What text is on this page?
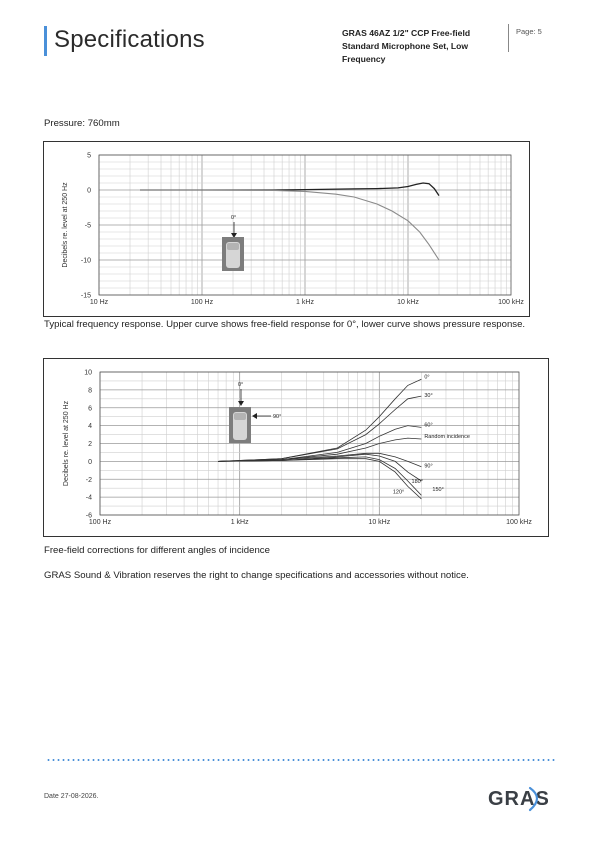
Specifications	GRAS 46AZ 1/2" CCP Free-field Standard Microphone Set, Low Frequency
Page: 5
Pressure: 760mm
10 Hz	100 Hz	1 kHz	10 kHz	100 kHz
5
0
-5
-10
-15
Decibels re. level at 250 Hz	0°
Typical frequency response. Upper curve shows free-field response for 0°, lower curve shows pressure response.
100 Hz	1 kHz	10 kHz	100 kHz
10
8
6
4
2
0
-2
-4
-6
Decibels re. level at 250 Hz
0°
30°
60°
Random incidence
90°
180°
150°
120°
0°
90°
Free-field corrections for different angles of incidence
GRAS Sound & Vibration reserves the right to change specifications and accessories without notice.
Date 27-08-2026.	GRAS
